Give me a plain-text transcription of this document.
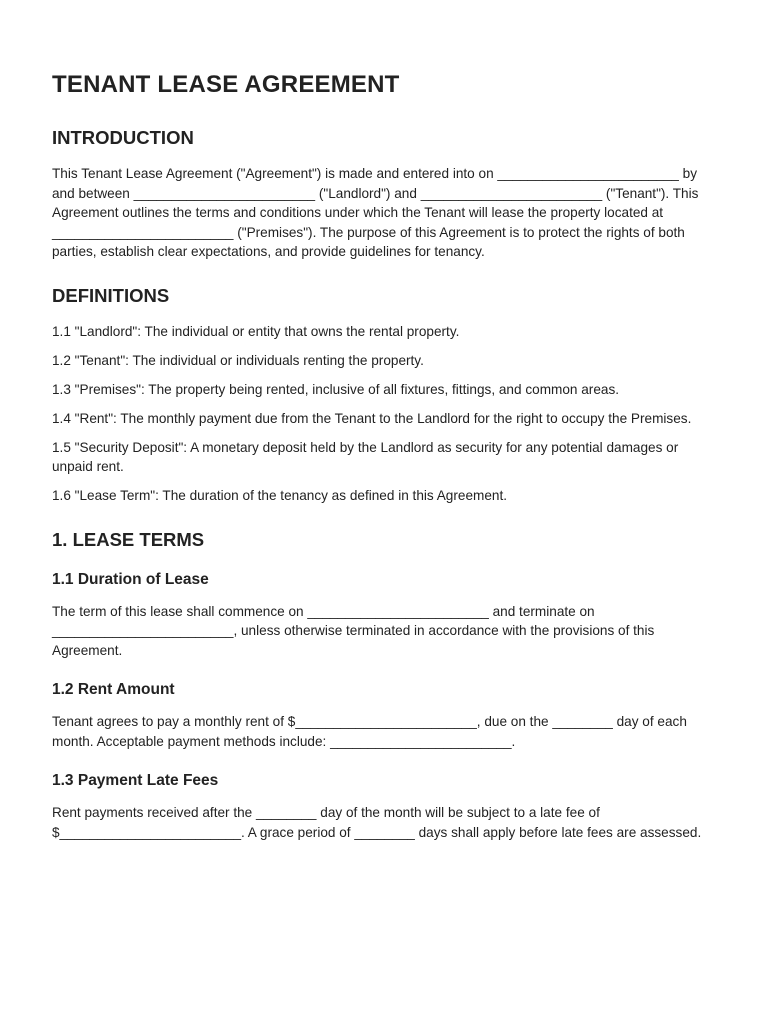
TENANT LEASE AGREEMENT
INTRODUCTION

This Tenant Lease Agreement ("Agreement") is made and entered into on ________________________ by and between ________________________ ("Landlord") and ________________________ ("Tenant"). This Agreement outlines the terms and conditions under which the Tenant will lease the property located at ________________________ ("Premises"). The purpose of this Agreement is to protect the rights of both parties, establish clear expectations, and provide guidelines for tenancy.

DEFINITIONS

1.1 "Landlord": The individual or entity that owns the rental property.

1.2 "Tenant": The individual or individuals renting the property.

1.3 "Premises": The property being rented, inclusive of all fixtures, fittings, and common areas.

1.4 "Rent": The monthly payment due from the Tenant to the Landlord for the right to occupy the Premises.

1.5 "Security Deposit": A monetary deposit held by the Landlord as security for any potential damages or unpaid rent.

1.6 "Lease Term": The duration of the tenancy as defined in this Agreement.

1. LEASE TERMS
1.1 Duration of Lease

The term of this lease shall commence on ________________________ and terminate on ________________________, unless otherwise terminated in accordance with the provisions of this Agreement.

1.2 Rent Amount

Tenant agrees to pay a monthly rent of $________________________, due on the ________ day of each month. Acceptable payment methods include: ________________________.

1.3 Payment Late Fees

Rent payments received after the ________ day of the month will be subject to a late fee of $________________________. A grace period of ________ days shall apply before late fees are assessed.
